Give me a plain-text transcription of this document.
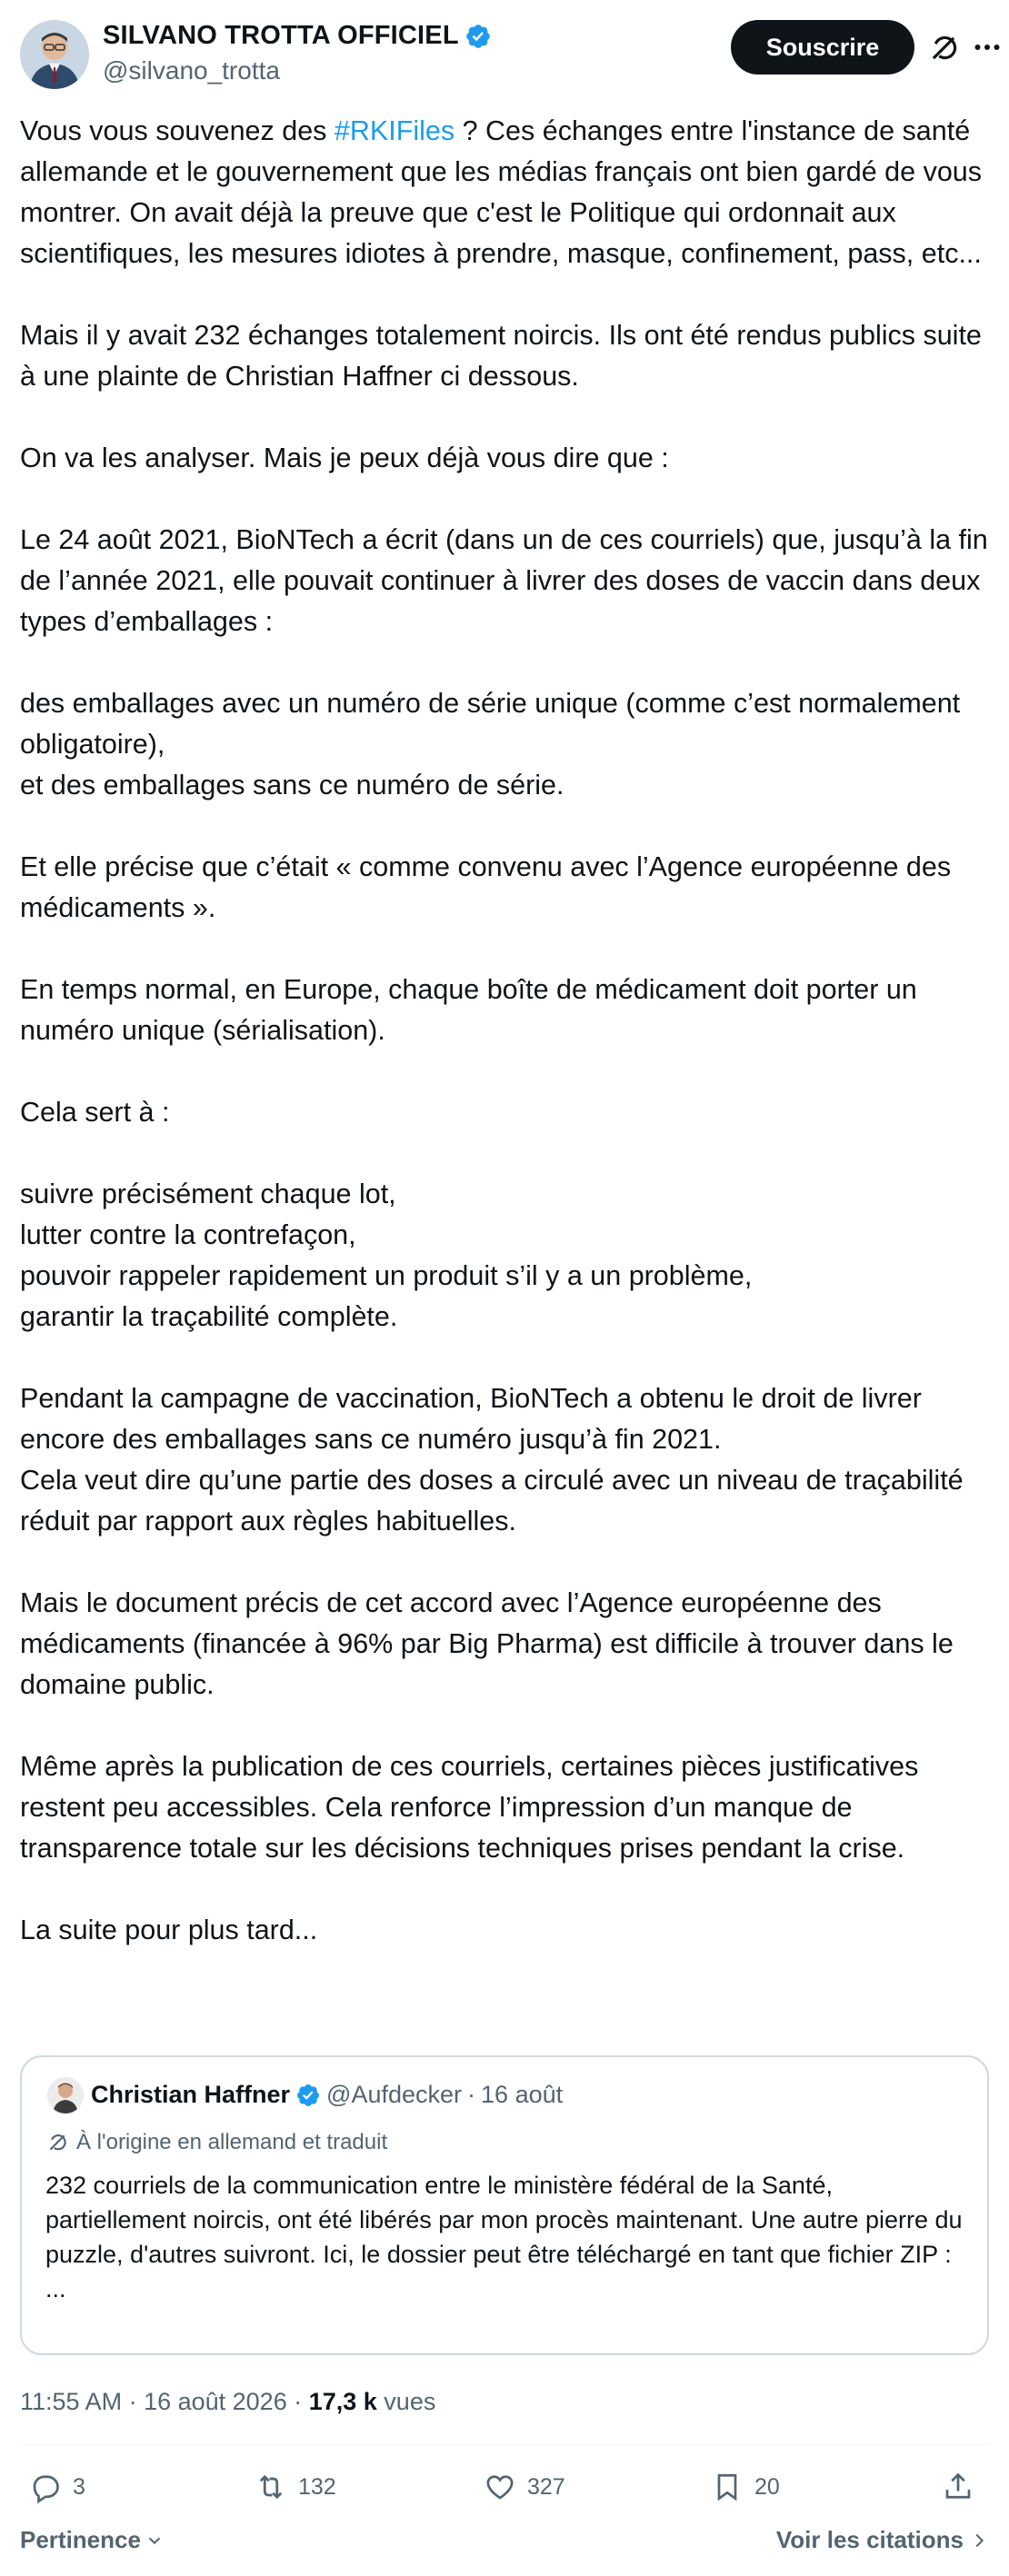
SILVANO TROTTA OFFICIEL
@silvano_trotta
Souscrire
Vous vous souvenez des #RKIFiles ? Ces échanges entre l'instance de santé allemande et le gouvernement que les médias français ont bien gardé de vous montrer. On avait déjà la preuve que c'est le Politique qui ordonnait aux scientifiques, les mesures idiotes à prendre, masque, confinement, pass, etc...

Mais il y avait 232 échanges totalement noircis. Ils ont été rendus publics suite à une plainte de Christian Haffner ci dessous.

On va les analyser. Mais je peux déjà vous dire que :

Le 24 août 2021, BioNTech a écrit (dans un de ces courriels) que, jusqu’à la fin de l’année 2021, elle pouvait continuer à livrer des doses de vaccin dans deux types d’emballages :

des emballages avec un numéro de série unique (comme c’est normalement obligatoire),
et des emballages sans ce numéro de série.

Et elle précise que c’était « comme convenu avec l’Agence européenne des médicaments ».

En temps normal, en Europe, chaque boîte de médicament doit porter un numéro unique (sérialisation).

Cela sert à :

suivre précisément chaque lot,
lutter contre la contrefaçon,
pouvoir rappeler rapidement un produit s’il y a un problème,
garantir la traçabilité complète.

Pendant la campagne de vaccination, BioNTech a obtenu le droit de livrer encore des emballages sans ce numéro jusqu’à fin 2021.
Cela veut dire qu’une partie des doses a circulé avec un niveau de traçabilité réduit par rapport aux règles habituelles.

Mais le document précis de cet accord avec l’Agence européenne des médicaments (financée à 96% par Big Pharma) est difficile à trouver dans le domaine public.

Même après la publication de ces courriels, certaines pièces justificatives restent peu accessibles. Cela renforce l’impression d’un manque de transparence totale sur les décisions techniques prises pendant la crise.

La suite pour plus tard...
Christian Haffner @Aufdecker · 16 août
À l'origine en allemand et traduit
232 courriels de la communication entre le ministère fédéral de la Santé, partiellement noircis, ont été libérés par mon procès maintenant. Une autre pierre du puzzle, d'autres suivront. Ici, le dossier peut être téléchargé en tant que fichier ZIP :
...
11:55 AM · 16 août 2026 · 17,3 k vues
3	132	327	20
Pertinence	Voir les citations
